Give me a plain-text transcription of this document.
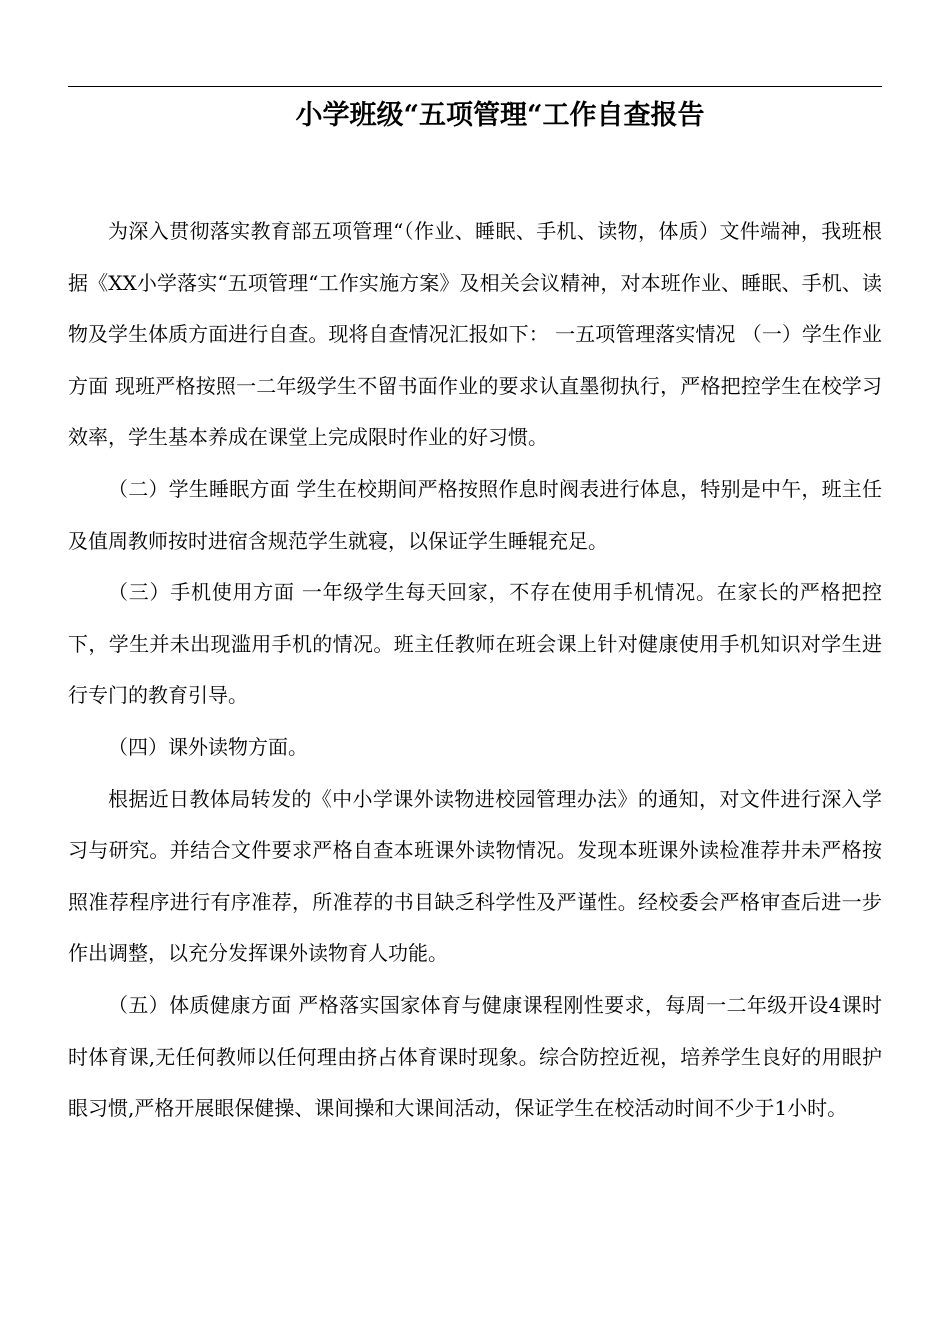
小学班级“五项管理“工作自查报告

为深入贯彻落实教育部五项管理“（作业、睡眠、手机、读物，体质）文件端神，我班根据《XX小学落实“五项管理“工作实施方案》及相关会议精神，对本班作业、睡眠、手机、读物及学生体质方面进行自查。现将自查情况汇报如下： 一五项管理落实情况 （一）学生作业方面 现班严格按照一二年级学生不留书面作业的要求认直墨彻执行，严格把控学生在校学习效率，学生基本养成在课堂上完成限时作业的好习惯。

（二）学生睡眠方面 学生在校期间严格按照作息时阀表进行体息，特别是中午，班主任及值周教师按时进宿含规范学生就寝，以保证学生睡辊充足。

（三）手机使用方面 一年级学生每天回家，不存在使用手机情况。在家长的严格把控下，学生并未出现滥用手机的情况。班主任教师在班会课上针对健康使用手机知识对学生进行专门的教育引导。

（四）课外读物方面。

根据近日教体局转发的《中小学课外读物进校园管理办法》的通知，对文件进行深入学习与研究。并结合文件要求严格自查本班课外读物情况。发现本班课外读检准荐井未严格按照准荐程序进行有序准荐，所准荐的书目缺乏科学性及严谨性。经校委会严格审查后进一步作出调整，以充分发挥课外读物育人功能。

（五）体质健康方面 严格落实国家体育与健康课程刚性要求，每周一二年级开设4课时时体育课,无任何教师以任何理由挤占体育课时现象。综合防控近视，培养学生良好的用眼护眼习惯,严格开展眼保健操、课间操和大课间活动，保证学生在校活动时间不少于1小时。
